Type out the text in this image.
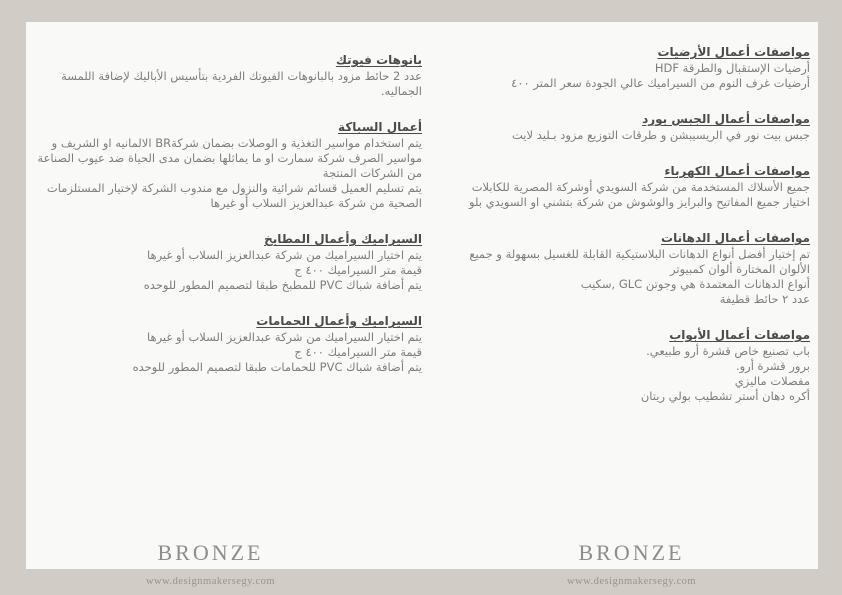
مواصفات أعمال الأرضيات
أرضيات الإستقبال والطرقة HDF
أرضيات غرف النوم من السيراميك عالي الجودة سعر المتر ٤٠٠
مواصفات أعمال الجبس بورد
جبس بيت نور في الريسيبشن و طرقات التوزيع مزود بـليد لايت
مواصفات أعمال الكهرباء
جميع الأسلاك المستخدمة من شركة السويدي أوشركة المصرية للكابلات
اختيار جميع المفاتيح والبرايز والوشوش من شركة بتشني او السويدي بلو
مواصفات أعمال الدهانات
تم إختيار أفضل أنواع الدهانات البلاستيكية القابلة للغسيل بسهولة و جميع
الألوان المختارة ألوان كمبيوتر
أنواع الدهانات المعتمدة هي وجوتن GLC ,سكيب
عدد ٢ حائط قطيفة
مواصفات أعمال الأبواب
باب تصنيع خاص قشرة أرو طبيعي.
برور قشرة أرو.
مفصلات ماليزي
أكره دهان أستر تشطيب بولي ريتان
بانوهات فيوتك
عدد 2 حائط مزود بالبانوهات الفيوتك الفردية بتأسيس الأباليك لإضافة اللمسة
الجماليه.
أعمال السباكة
يتم استخدام مواسير التغذية و الوصلات بضمان شركةBR الالمانيه او الشريف و
مواسير الصرف شركة سمارت او ما يماثلها بضمان مدى الحياة ضد عيوب الصناعة
من الشركات المنتجة
يتم تسليم العميل قسائم شرائية والنزول مع مندوب الشركة لإختيار المستلزمات
الصحية من شركة عبدالعزيز السلاب أو غيرها
السيراميك وأعمال المطابخ
يتم اختيار السيراميك من شركة عبدالعزيز السلاب أو غيرها
قيمة متر السيراميك ٤٠٠ ج
يتم أضافة شباك PVC للمطبخ طبقا لتصميم المطور للوحده
السيراميك وأعمال الحمامات
يتم اختيار السيراميك من شركة عبدالعزيز السلاب أو غيرها
قيمة متر السيراميك ٤٠٠ ج
يتم أضافة شباك PVC للحمامات طبقا لتصميم المطور للوحده
BRONZE	BRONZE
www.designmakersegy.com	www.designmakersegy.com
